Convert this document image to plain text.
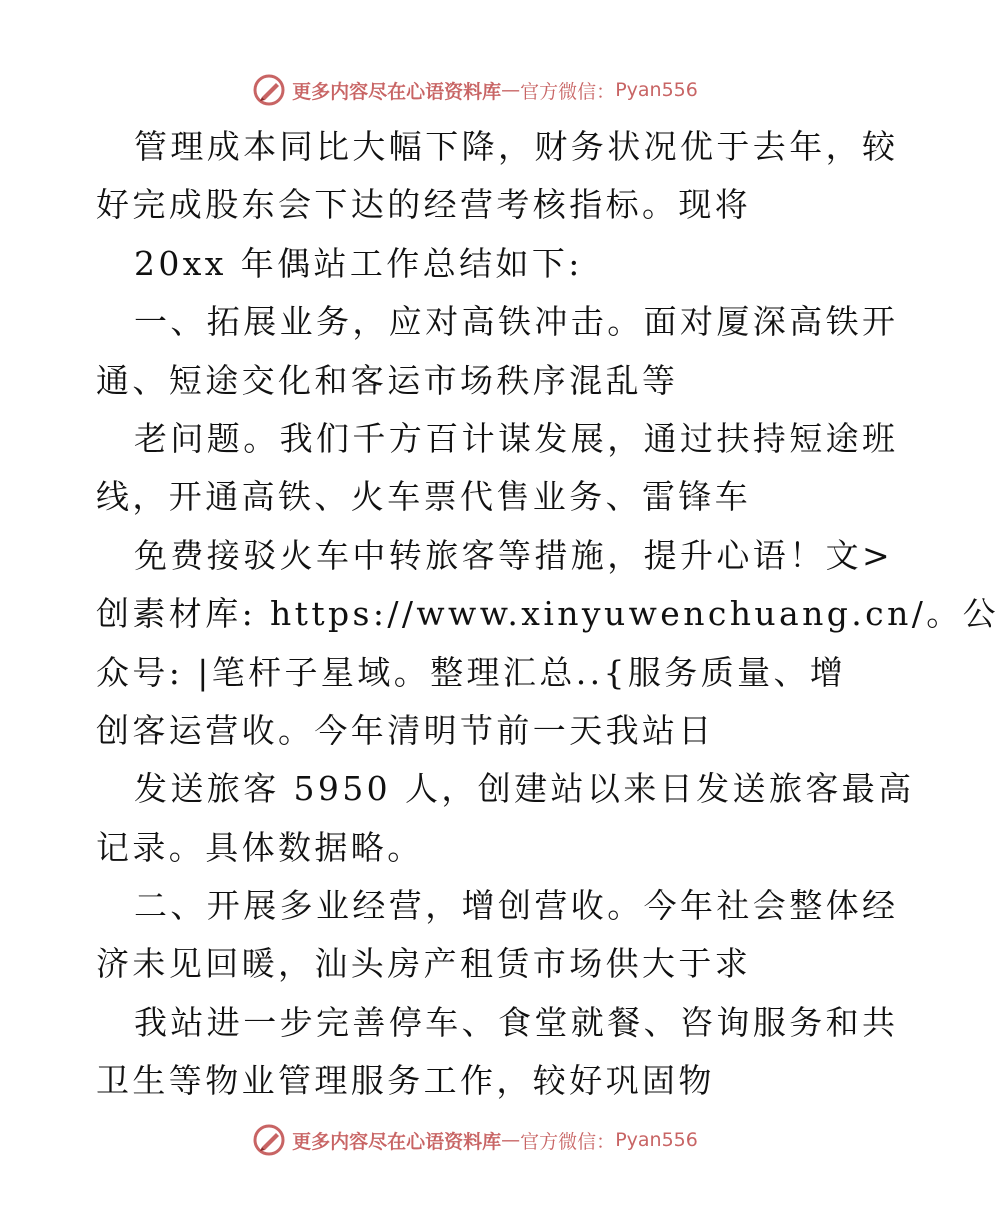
更多内容尽在心语资料库 — 官方微信： Pyan556
管理成本同比大幅下降，财务状况优于去年，较
好完成股东会下达的经营考核指标。现将
20xx 年偶站工作总结如下:
一、拓展业务，应对高铁冲击。面对厦深高铁开
通、短途交化和客运市场秩序混乱等
老问题。我们千方百计谋发展，通过扶持短途班
线，开通高铁、火车票代售业务、雷锋车
免费接驳火车中转旅客等措施，提升心语！文>
创素材库: https://www.xinyuwenchuang.cn/。公
众号: |笔杆子星域。整理汇总..{服务质量、增
创客运营收。今年清明节前一天我站日
发送旅客 5950 人，创建站以来日发送旅客最高
记录。具体数据略。
二、开展多业经营，增创营收。今年社会整体经
济未见回暖，汕头房产租赁市场供大于求
我站进一步完善停车、食堂就餐、咨询服务和共
卫生等物业管理服务工作，较好巩固物
更多内容尽在心语资料库 — 官方微信： Pyan556
